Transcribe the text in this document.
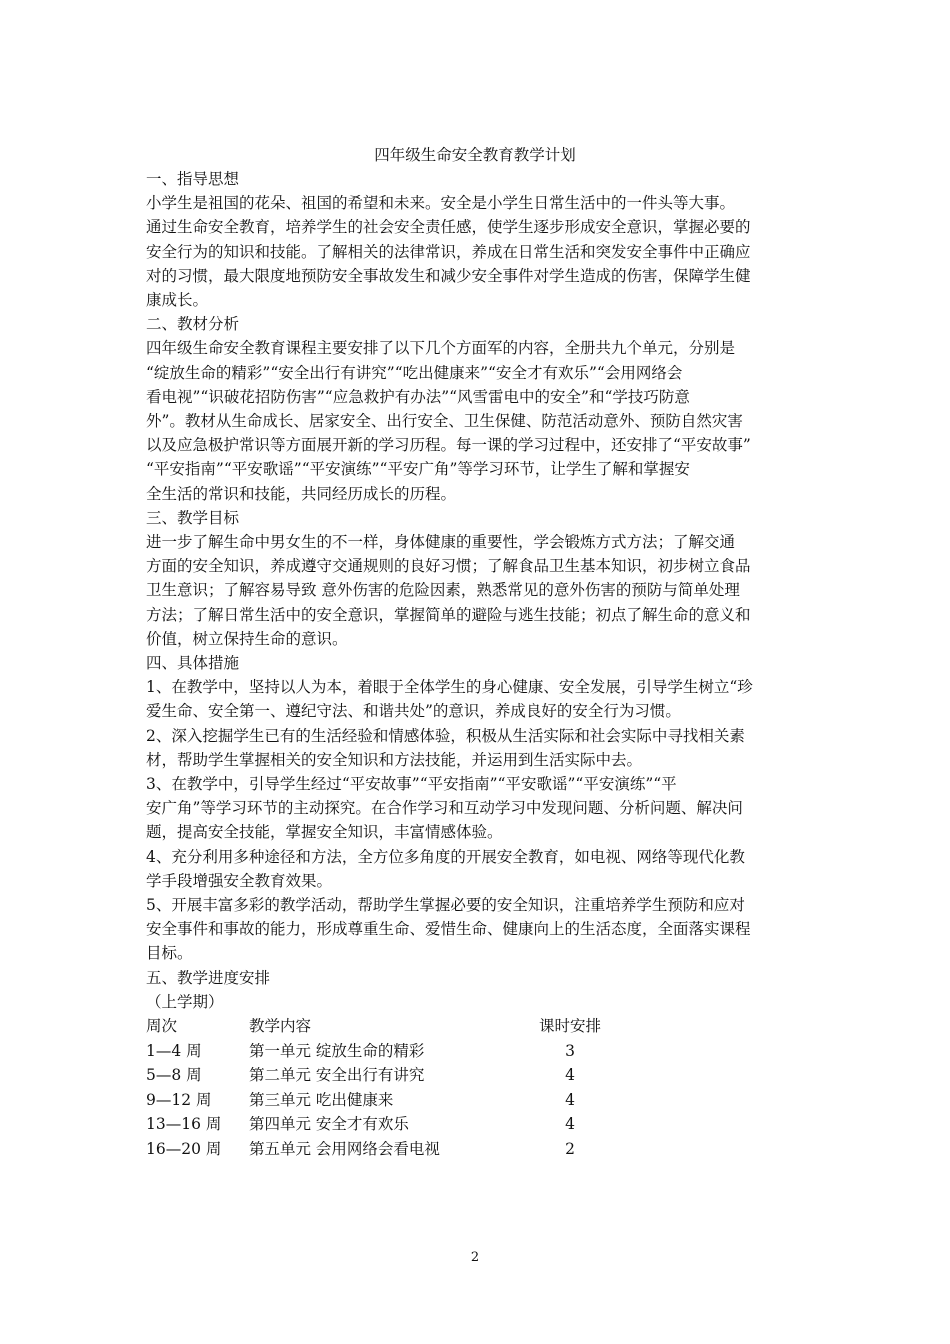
四年级生命安全教育教学计划
一、指导思想
小学生是祖国的花朵、祖国的希望和未来。安全是小学生日常生活中的一件头等大事。
通过生命安全教育，培养学生的社会安全责任感，使学生逐步形成安全意识，掌握必要的
安全行为的知识和技能。了解相关的法律常识，养成在日常生活和突发安全事件中正确应
对的习惯，最大限度地预防安全事故发生和减少安全事件对学生造成的伤害，保障学生健
康成长。
二、教材分析
四年级生命安全教育课程主要安排了以下几个方面军的内容，全册共九个单元，分别是
“绽放生命的精彩”“安全出行有讲究”“吃出健康来”“安全才有欢乐”“会用网络会
看电视”“识破花招防伤害”“应急救护有办法”“风雪雷电中的安全”和“学技巧防意
外”。教材从生命成长、居家安全、出行安全、卫生保健、防范活动意外、预防自然灾害
以及应急极护常识等方面展开新的学习历程。每一课的学习过程中，还安排了“平安故事”
“平安指南”“平安歌谣”“平安演练”“平安广角”等学习环节，让学生了解和掌握安
全生活的常识和技能，共同经历成长的历程。
三、教学目标
进一步了解生命中男女生的不一样，身体健康的重要性，学会锻炼方式方法；了解交通
方面的安全知识，养成遵守交通规则的良好习惯；了解食品卫生基本知识，初步树立食品
卫生意识；了解容易导致 意外伤害的危险因素，熟悉常见的意外伤害的预防与简单处理
方法；了解日常生活中的安全意识，掌握简单的避险与逃生技能；初点了解生命的意义和
价值，树立保持生命的意识。
四、具体措施
1、在教学中，坚持以人为本，着眼于全体学生的身心健康、安全发展，引导学生树立“珍
爱生命、安全第一、遵纪守法、和谐共处”的意识，养成良好的安全行为习惯。
2、深入挖掘学生已有的生活经验和情感体验，积极从生活实际和社会实际中寻找相关素
材，帮助学生掌握相关的安全知识和方法技能，并运用到生活实际中去。
3、在教学中，引导学生经过“平安故事”“平安指南”“平安歌谣”“平安演练”“平
安广角”等学习环节的主动探究。在合作学习和互动学习中发现问题、分析问题、解决问
题，提高安全技能，掌握安全知识，丰富情感体验。
4、充分利用多种途径和方法，全方位多角度的开展安全教育，如电视、网络等现代化教
学手段增强安全教育效果。
5、开展丰富多彩的教学活动，帮助学生掌握必要的安全知识，注重培养学生预防和应对
安全事件和事故的能力，形成尊重生命、爱惜生命、健康向上的生活态度，全面落实课程
目标。
五、教学进度安排
（上学期）
周次	教学内容	课时安排
1—4 周	第一单元 绽放生命的精彩	3
5—8 周	第二单元 安全出行有讲究	4
9—12 周	第三单元 吃出健康来	4
13—16 周	第四单元 安全才有欢乐	4
16—20 周	第五单元 会用网络会看电视	2
2
